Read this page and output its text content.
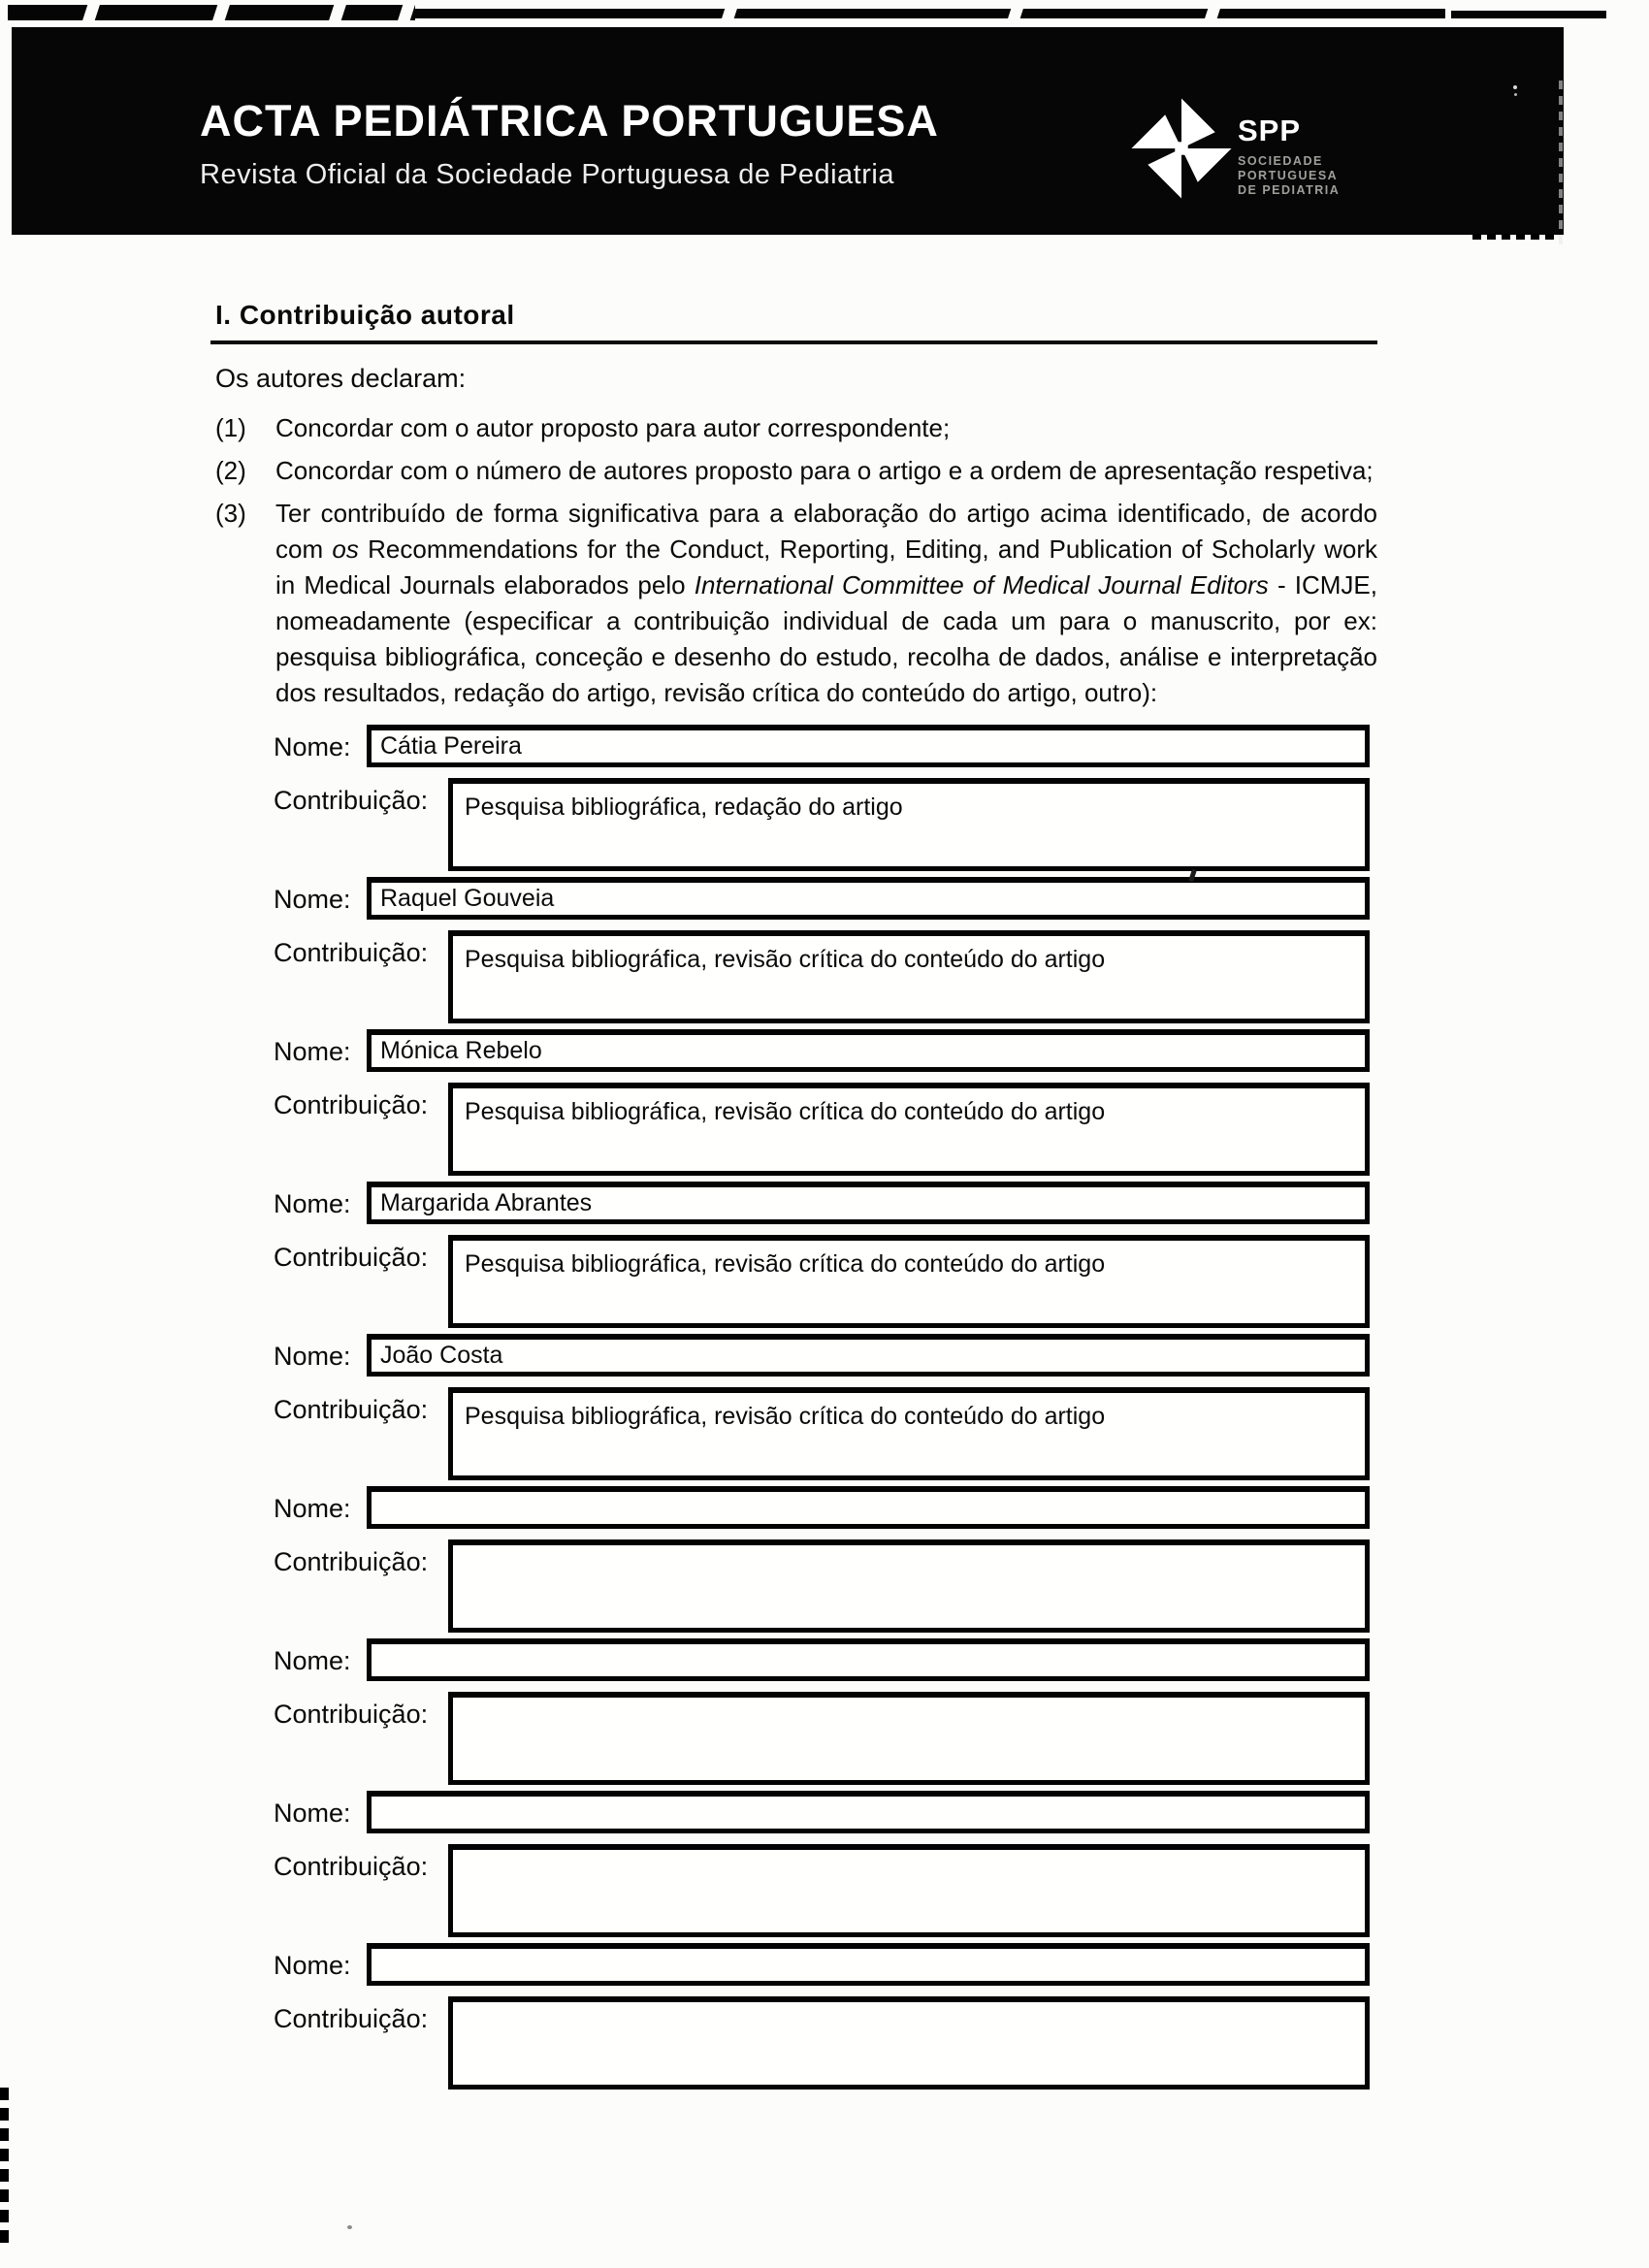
ACTA PEDIÁTRICA PORTUGUESA
Revista Oficial da Sociedade Portuguesa de Pediatria
SPP
SOCIEDADE
PORTUGUESA
DE PEDIATRIA
I. Contribuição autoral

Os autores declaram:

(1)	Concordar com o autor proposto para autor correspondente;
(2)	Concordar com o número de autores proposto para o artigo e a ordem de apresentação respetiva;
(3)	Ter contribuído de forma significativa para a elaboração do artigo acima identificado, de acordo com os Recommendations for the Conduct, Reporting, Editing, and Publication of Scholarly work in Medical Journals elaborados pelo International Committee of Medical Journal Editors - ICMJE, nomeadamente (especificar a contribuição individual de cada um para o manuscrito, por ex: pesquisa bibliográfica, conceção e desenho do estudo, recolha de dados, análise e interpretação dos resultados, redação do artigo, revisão crítica do conteúdo do artigo, outro):
Nome:	Cátia Pereira
Contribuição:	Pesquisa bibliográfica, redação do artigo
Nome:	Raquel Gouveia
Contribuição:	Pesquisa bibliográfica, revisão crítica do conteúdo do artigo
Nome:	Mónica Rebelo
Contribuição:	Pesquisa bibliográfica, revisão crítica do conteúdo do artigo
Nome:	Margarida Abrantes
Contribuição:	Pesquisa bibliográfica, revisão crítica do conteúdo do artigo
Nome:	João Costa
Contribuição:	Pesquisa bibliográfica, revisão crítica do conteúdo do artigo
Nome:
Contribuição:
Nome:
Contribuição:
Nome:
Contribuição:
Nome:
Contribuição:
